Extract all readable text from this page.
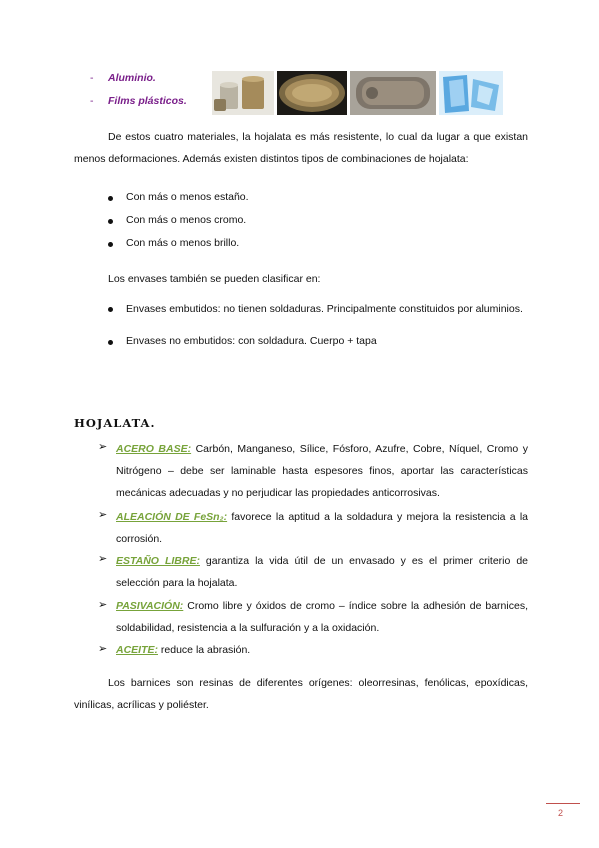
- Aluminio.
- Films plásticos.
De estos cuatro materiales, la hojalata es más resistente, lo cual da lugar a que existan menos deformaciones. Además existen distintos tipos de combinaciones de hojalata:
Con más o menos estaño.
Con más o menos cromo.
Con más o menos brillo.
Los envases también se pueden clasificar en:
Envases embutidos: no tienen soldaduras. Principalmente constituidos por aluminios.
Envases no embutidos: con soldadura. Cuerpo + tapa
HOJALATA.
➢ ACERO BASE: Carbón, Manganeso, Sílice, Fósforo, Azufre, Cobre, Níquel, Cromo y Nitrógeno – debe ser laminable hasta espesores finos, aportar las características mecánicas adecuadas y no perjudicar las propiedades anticorrosivas.
➢ ALEACIÓN DE FeSn₂: favorece la aptitud a la soldadura y mejora la resistencia a la corrosión.
➢ ESTAÑO LIBRE: garantiza la vida útil de un envasado y es el primer criterio de selección para la hojalata.
➢ PASIVACIÓN: Cromo libre y óxidos de cromo – índice sobre la adhesión de barnices, soldabilidad, resistencia a la sulfuración y a la oxidación.
➢ ACEITE: reduce la abrasión.
Los barnices son resinas de diferentes orígenes: oleorresinas, fenólicas, epoxídicas, vinílicas, acrílicas y poliéster.
2
